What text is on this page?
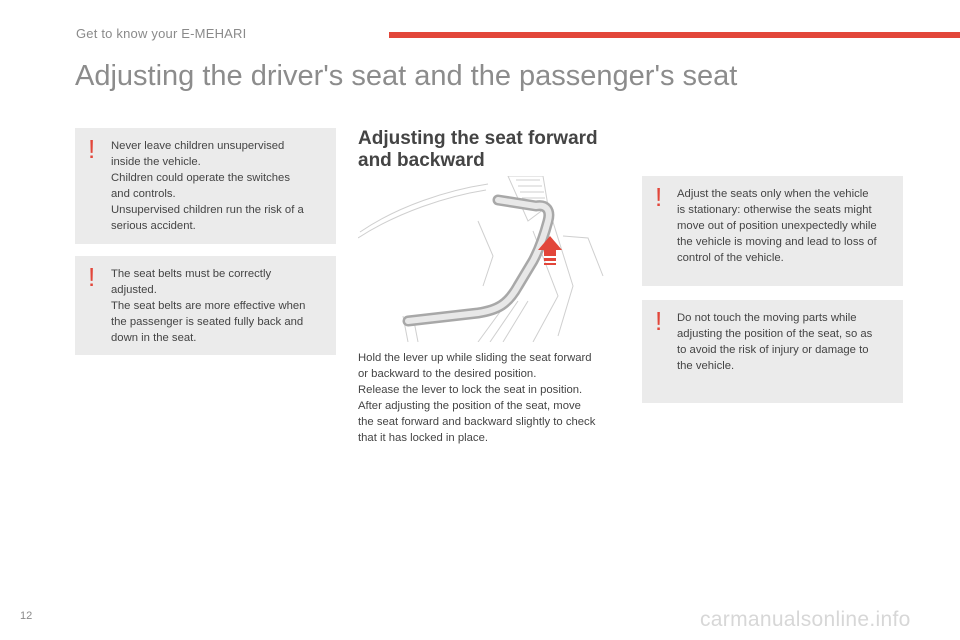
Get to know your E-MEHARI
Adjusting the driver's seat and the passenger's seat
! Never leave children unsupervised

inside the vehicle.

Children could operate the switches

and controls.

Unsupervised children run the risk of a

serious accident.

! The seat belts must be correctly

adjusted.

The seat belts are more effective when

the passenger is seated fully back and

down in the seat.

Adjusting the seat forward
and backward

Hold the lever up while sliding the seat forward

or backward to the desired position.

Release the lever to lock the seat in position.

After adjusting the position of the seat, move

the seat forward and backward slightly to check

that it has locked in place.

! Adjust the seats only when the vehicle

is stationary: otherwise the seats might

move out of position unexpectedly while

the vehicle is moving and lead to loss of

control of the vehicle.

! Do not touch the moving parts while

adjusting the position of the seat, so as

to avoid the risk of injury or damage to

the vehicle.

12	carmanualsonline.info
